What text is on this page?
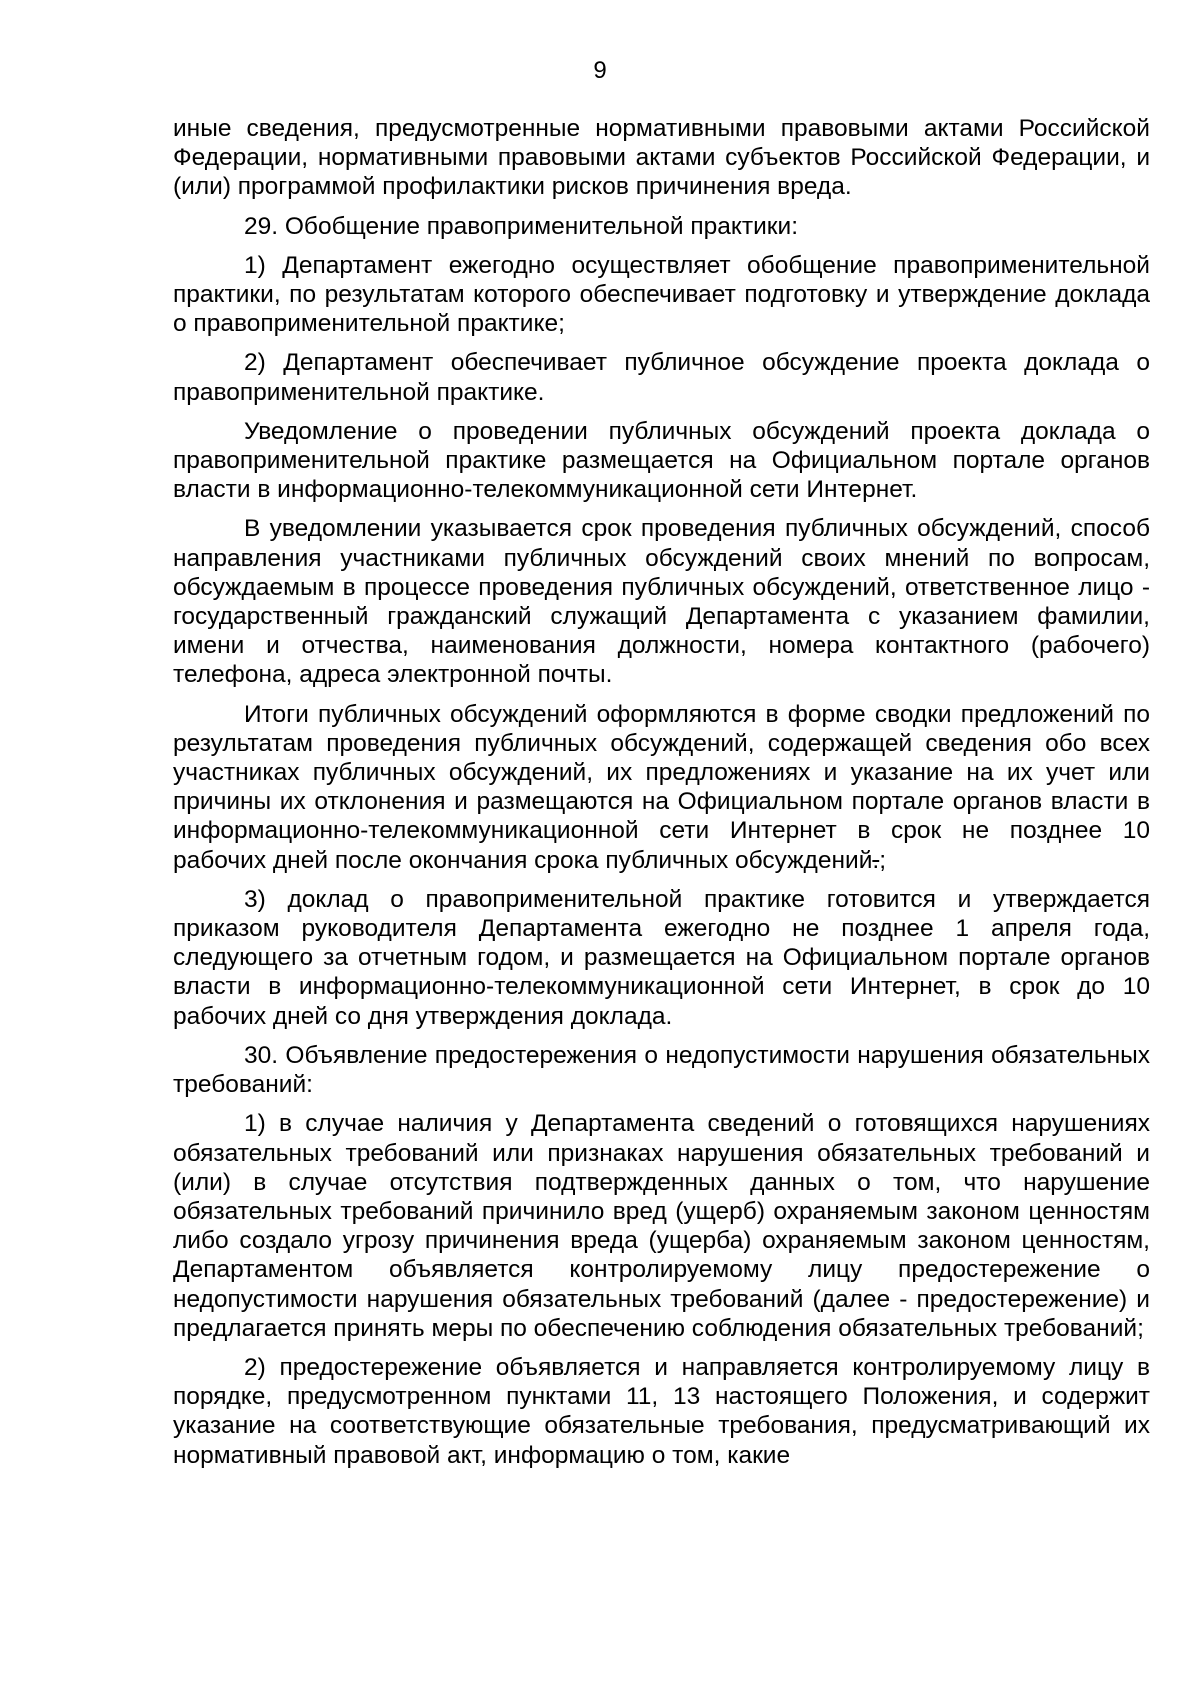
9

иные сведения, предусмотренные нормативными правовыми актами Российской Федерации, нормативными правовыми актами субъектов Российской Федерации, и (или) программой профилактики рисков причинения вреда.

29. Обобщение правоприменительной практики:

1) Департамент ежегодно осуществляет обобщение правоприменительной практики, по результатам которого обеспечивает подготовку и утверждение доклада о правоприменительной практике;

2) Департамент обеспечивает публичное обсуждение проекта доклада о правоприменительной практике.

Уведомление о проведении публичных обсуждений проекта доклада о правоприменительной практике размещается на Официальном портале органов власти в информационно-телекоммуникационной сети Интернет.

В уведомлении указывается срок проведения публичных обсуждений, способ направления участниками публичных обсуждений своих мнений по вопросам, обсуждаемым в процессе проведения публичных обсуждений, ответственное лицо - государственный гражданский служащий Департамента с указанием фамилии, имени и отчества, наименования должности, номера контактного (рабочего) телефона, адреса электронной почты.

Итоги публичных обсуждений оформляются в форме сводки предложений по результатам проведения публичных обсуждений, содержащей сведения обо всех участниках публичных обсуждений, их предложениях и указание на их учет или причины их отклонения и размещаются на Официальном портале органов власти в информационно-телекоммуникационной сети Интернет в срок не позднее 10 рабочих дней после окончания срока публичных обсуждений.;

3) доклад о правоприменительной практике готовится и утверждается приказом руководителя Департамента ежегодно не позднее 1 апреля года, следующего за отчетным годом, и размещается на Официальном портале органов власти в информационно-телекоммуникационной сети Интернет, в срок до 10 рабочих дней со дня утверждения доклада.

30. Объявление предостережения о недопустимости нарушения обязательных требований:

1) в случае наличия у Департамента сведений о готовящихся нарушениях обязательных требований или признаках нарушения обязательных требований и (или) в случае отсутствия подтвержденных данных о том, что нарушение обязательных требований причинило вред (ущерб) охраняемым законом ценностям либо создало угрозу причинения вреда (ущерба) охраняемым законом ценностям, Департаментом объявляется контролируемому лицу предостережение о недопустимости нарушения обязательных требований (далее - предостережение) и предлагается принять меры по обеспечению соблюдения обязательных требований;

2) предостережение объявляется и направляется контролируемому лицу в порядке, предусмотренном пунктами 11, 13 настоящего Положения, и содержит указание на соответствующие обязательные требования, предусматривающий их нормативный правовой акт, информацию о том, какие
